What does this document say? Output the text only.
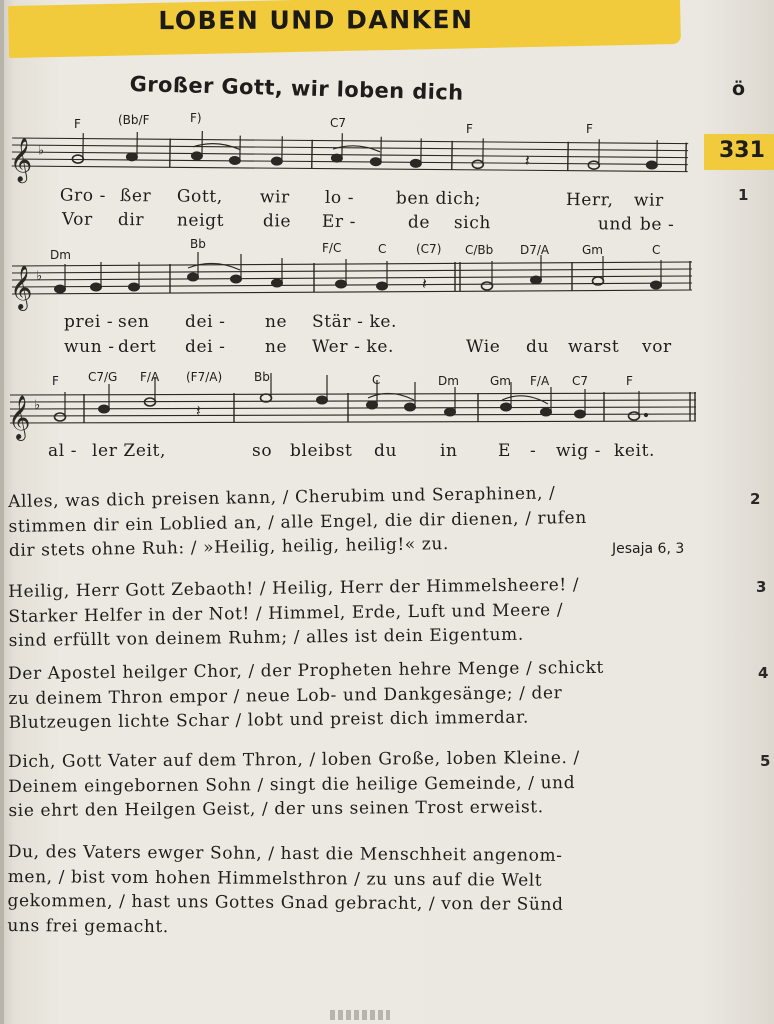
LOBEN UND DANKEN
Großer Gott, wir loben dich	ö
331
𝄞 ♭
𝄽
𝄞 ♭	𝄽
𝄞 ♭	𝄽
F	(Bb/F	F)	C7	F	F
Dm
Bb	F/C	C (C7) C/Bb D7/A	Gm	C
F C7/G F/A (F7/A)	Bb	C	Dm	Gm F/A C7	F
Gro - ßer Gott, wir lo - ben dich;	Herr, wir
Vor dir neigt die Er -	de sich	und be -
prei - sen dei - ne Stär - ke.
wun - dert dei - ne Wer - ke.	Wie du warst vor
al - ler Zeit,	so bleibst du	in E - wig - keit.
1
2
3
4
5
Alles, was dich preisen kann, / Cherubim und Seraphinen, /
stimmen dir ein Loblied an, / alle Engel, die dir dienen, / rufen
dir stets ohne Ruh: / »Heilig, heilig, heilig!« zu.	Jesaja 6, 3
Heilig, Herr Gott Zebaoth! / Heilig, Herr der Himmelsheere! /
Starker Helfer in der Not! / Himmel, Erde, Luft und Meere /
sind erfüllt von deinem Ruhm; / alles ist dein Eigentum.
Der Apostel heilger Chor, / der Propheten hehre Menge / schickt
zu deinem Thron empor / neue Lob- und Dankgesänge; / der
Blutzeugen lichte Schar / lobt und preist dich immerdar.
Dich, Gott Vater auf dem Thron, / loben Große, loben Kleine. /
Deinem eingebornen Sohn / singt die heilige Gemeinde, / und
sie ehrt den Heilgen Geist, / der uns seinen Trost erweist.
Du, des Vaters ewger Sohn, / hast die Menschheit angenom-
men, / bist vom hohen Himmelsthron / zu uns auf die Welt
gekommen, / hast uns Gottes Gnad gebracht, / von der Sünd
uns frei gemacht.
